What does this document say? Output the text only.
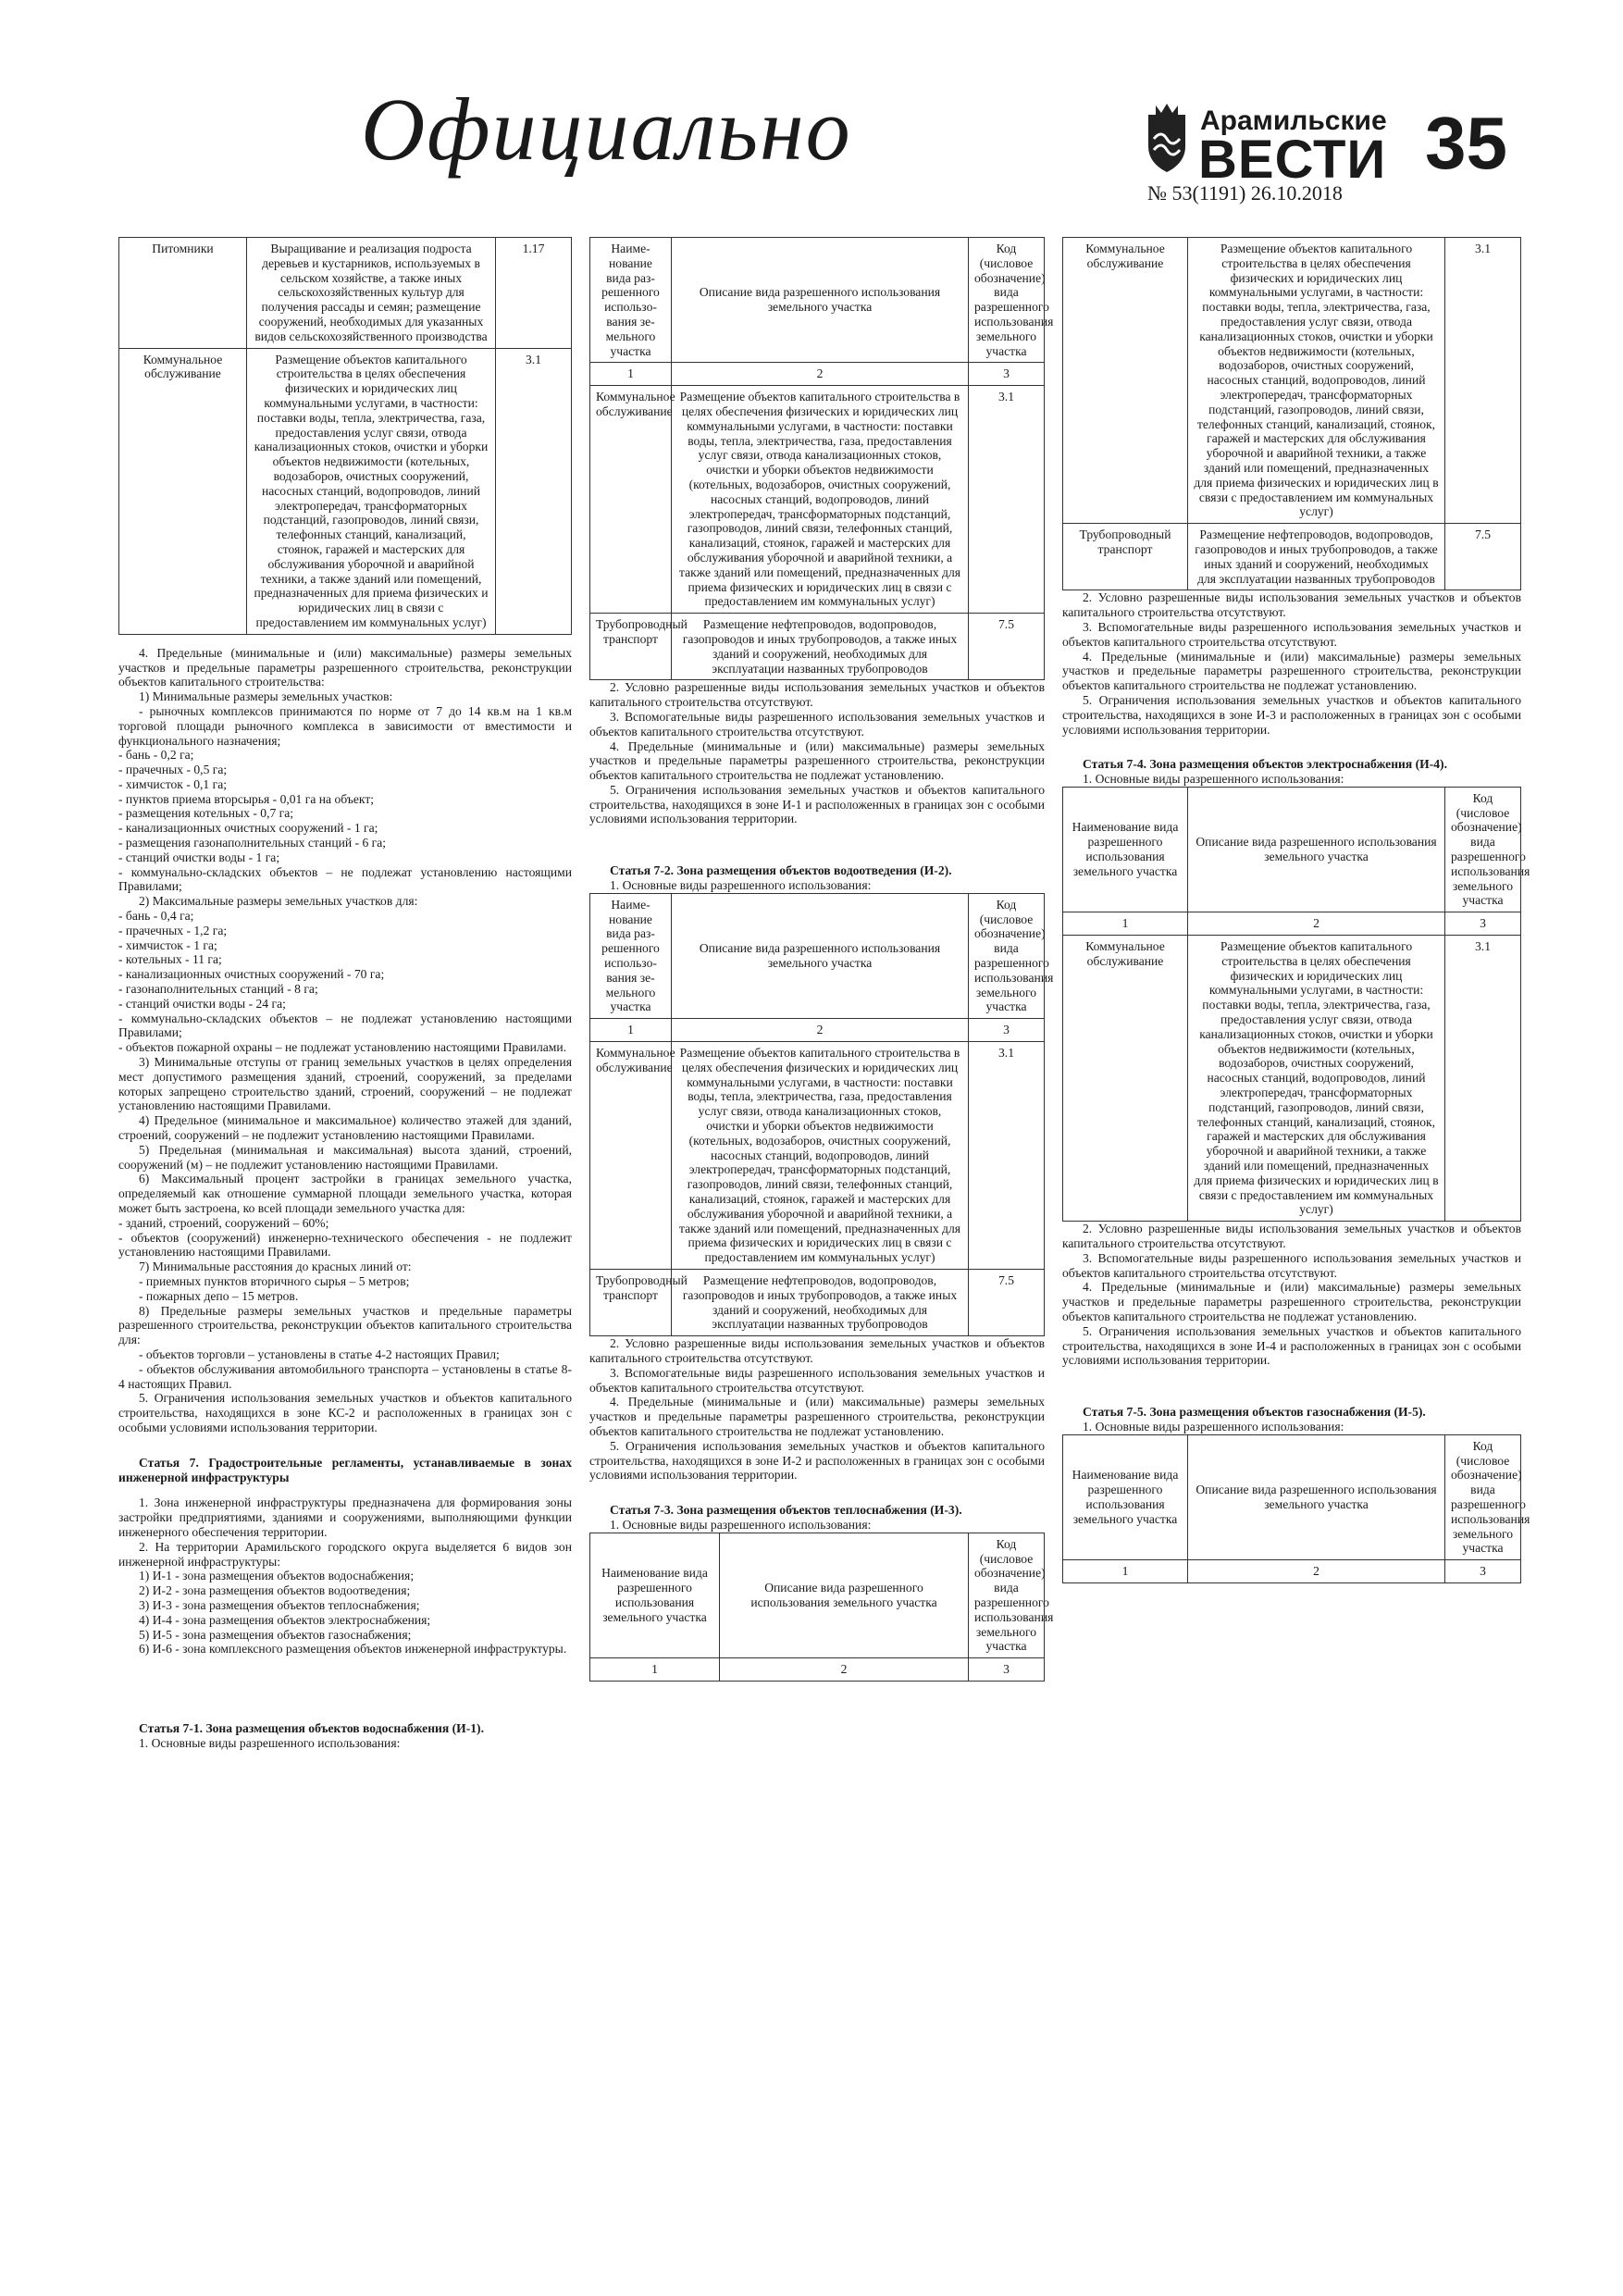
Официально	Арамильские
ВЕСТИ
№ 53(1191) 26.10.2018
35
Питомники	Выращивание и реализация подроста деревьев и кустарников, используемых в сельском хозяйстве, а также иных сельскохозяйственных культур для получения рассады и семян; размещение сооружений, необходимых для указанных видов сельскохозяйственного производства	1.17
Коммунальное обслуживание	Размещение объектов капитального строительства в целях обеспечения физических и юридических лиц коммунальными услугами, в частности: поставки воды, тепла, электричества, газа, предоставления услуг связи, отвода канализационных стоков, очистки и уборки объектов недвижимости (котельных, водозаборов, очистных сооружений, насосных станций, водопроводов, линий электропередач, трансформаторных подстанций, газопроводов, линий связи, телефонных станций, канализаций, стоянок, гаражей и мастерских для обслуживания уборочной и аварийной техники, а также зданий или помещений, предназначенных для приема физических и юридических лиц в связи с предоставлением им коммунальных услуг)	3.1

4. Предельные (минимальные и (или) максимальные) размеры земельных участков и предельные параметры разрешенного строительства, реконструкции объектов капитального строительства:

1) Минимальные размеры земельных участков:

- рыночных комплексов принимаются по норме от 7 до 14 кв.м на 1 кв.м торговой площади рыночного комплекса в зависимости от вместимости и функционального назначения;

- бань - 0,2 га;

- прачечных - 0,5 га;

- химчисток - 0,1 га;

- пунктов приема вторсырья - 0,01 га на объект;

- размещения котельных - 0,7 га;

- канализационных очистных сооружений - 1 га;

- размещения газонаполнительных станций - 6 га;

- станций очистки воды - 1 га;

- коммунально-складских объектов – не подлежат установлению настоящими Правилами;

2) Максимальные размеры земельных участков для:

- бань - 0,4 га;

- прачечных - 1,2 га;

- химчисток - 1 га;

- котельных - 11 га;

- канализационных очистных сооружений - 70 га;

- газонаполнительных станций - 8 га;

- станций очистки воды - 24 га;

- коммунально-складских объектов – не подлежат установлению настоящими Правилами;

- объектов пожарной охраны – не подлежат установлению настоящими Правилами.

3) Минимальные отступы от границ земельных участков в целях определения мест допустимого размещения зданий, строений, сооружений, за пределами которых запрещено строительство зданий, строений, сооружений – не подлежат установлению настоящими Правилами.

4) Предельное (минимальное и максимальное) количество этажей для зданий, строений, сооружений – не подлежит установлению настоящими Правилами.

5) Предельная (минимальная и максимальная) высота зданий, строений, сооружений (м) – не подлежит установлению настоящими Правилами.

6) Максимальный процент застройки в границах земельного участка, определяемый как отношение суммарной площади земельного участка, которая может быть застроена, ко всей площади земельного участка для:

- зданий, строений, сооружений – 60%;

- объектов (сооружений) инженерно-технического обеспечения - не подлежит установлению настоящими Правилами.

7) Минимальные расстояния до красных линий от:

- приемных пунктов вторичного сырья – 5 метров;

- пожарных депо – 15 метров.

8) Предельные размеры земельных участков и предельные параметры разрешенного строительства, реконструкции объектов капитального строительства для:

- объектов торговли – установлены в статье 4-2 настоящих Правил;

- объектов обслуживания автомобильного транспорта – установлены в статье 8-4 настоящих Правил.

5. Ограничения использования земельных участков и объектов капитального строительства, находящихся в зоне КС-2 и расположенных в границах зон с особыми условиями использования территории.

Статья 7. Градостроительные регламенты, устанавливаемые в зонах инженерной инфраструктуры

1. Зона инженерной инфраструктуры предназначена для формирования зоны застройки предприятиями, зданиями и сооружениями, выполняющими функции инженерного обеспечения территории.

2. На территории Арамильского городского округа выделяется 6 видов зон инженерной инфраструктуры:

1) И-1 - зона размещения объектов водоснабжения;

2) И-2 - зона размещения объектов водоотведения;

3) И-3 - зона размещения объектов теплоснабжения;

4) И-4 - зона размещения объектов электроснабжения;

5) И-5 - зона размещения объектов газоснабжения;

6) И-6 - зона комплексного размещения объектов инженерной инфраструктуры.

Статья 7-1. Зона размещения объектов водоснабжения (И-1).

1. Основные виды разрешенного использования:

Наиме-нование вида раз-решенного использо-вания зе-мельного участка	Описание вида разрешенного использования земельного участка	Код (числовое обозначение) вида разрешенного использования земельного участка
1	2	3
Коммунальное обслуживание	Размещение объектов капитального строительства в целях обеспечения физических и юридических лиц коммунальными услугами, в частности: поставки воды, тепла, электричества, газа, предоставления услуг связи, отвода канализационных стоков, очистки и уборки объектов недвижимости (котельных, водозаборов, очистных сооружений, насосных станций, водопроводов, линий электропередач, трансформаторных подстанций, газопроводов, линий связи, телефонных станций, канализаций, стоянок, гаражей и мастерских для обслуживания уборочной и аварийной техники, а также зданий или помещений, предназначенных для приема физических и юридических лиц в связи с предоставлением им коммунальных услуг)	3.1
Трубопроводный транспорт	Размещение нефтепроводов, водопроводов, газопроводов и иных трубопроводов, а также иных зданий и сооружений, необходимых для эксплуатации названных трубопроводов	7.5

2. Условно разрешенные виды использования земельных участков и объектов капитального строительства отсутствуют.

3. Вспомогательные виды разрешенного использования земельных участков и объектов капитального строительства отсутствуют.

4. Предельные (минимальные и (или) максимальные) размеры земельных участков и предельные параметры разрешенного строительства, реконструкции объектов капитального строительства не подлежат установлению.

5. Ограничения использования земельных участков и объектов капитального строительства, находящихся в зоне И-1 и расположенных в границах зон с особыми условиями использования территории.

Статья 7-2. Зона размещения объектов водоотведения (И-2).

1. Основные виды разрешенного использования:

Наиме-нование вида раз-решенного использо-вания зе-мельного участка	Описание вида разрешенного использования земельного участка	Код (числовое обозначение) вида разрешенного использования земельного участка
1	2	3
Коммунальное обслуживание	Размещение объектов капитального строительства в целях обеспечения физических и юридических лиц коммунальными услугами, в частности: поставки воды, тепла, электричества, газа, предоставления услуг связи, отвода канализационных стоков, очистки и уборки объектов недвижимости (котельных, водозаборов, очистных сооружений, насосных станций, водопроводов, линий электропередач, трансформаторных подстанций, газопроводов, линий связи, телефонных станций, канализаций, стоянок, гаражей и мастерских для обслуживания уборочной и аварийной техники, а также зданий или помещений, предназначенных для приема физических и юридических лиц в связи с предоставлением им коммунальных услуг)	3.1
Трубопроводный транспорт	Размещение нефтепроводов, водопроводов, газопроводов и иных трубопроводов, а также иных зданий и сооружений, необходимых для эксплуатации названных трубопроводов	7.5

2. Условно разрешенные виды использования земельных участков и объектов капитального строительства отсутствуют.

3. Вспомогательные виды разрешенного использования земельных участков и объектов капитального строительства отсутствуют.

4. Предельные (минимальные и (или) максимальные) размеры земельных участков и предельные параметры разрешенного строительства, реконструкции объектов капитального строительства не подлежат установлению.

5. Ограничения использования земельных участков и объектов капитального строительства, находящихся в зоне И-2 и расположенных в границах зон с особыми условиями использования территории.

Статья 7-3. Зона размещения объектов теплоснабжения (И-3).

1. Основные виды разрешенного использования:

Наименование вида разрешенного использования земельного участка	Описание вида разрешенного использования земельного участка	Код (числовое обозначение) вида разрешенного использования земельного участка
1	2	3
Коммунальное обслуживание	Размещение объектов капитального строительства в целях обеспечения физических и юридических лиц коммунальными услугами, в частности: поставки воды, тепла, электричества, газа, предоставления услуг связи, отвода канализационных стоков, очистки и уборки объектов недвижимости (котельных, водозаборов, очистных сооружений, насосных станций, водопроводов, линий электропередач, трансформаторных подстанций, газопроводов, линий связи, телефонных станций, канализаций, стоянок, гаражей и мастерских для обслуживания уборочной и аварийной техники, а также зданий или помещений, предназначенных для приема физических и юридических лиц в связи с предоставлением им коммунальных услуг)	3.1
Трубопроводный транспорт	Размещение нефтепроводов, водопроводов, газопроводов и иных трубопроводов, а также иных зданий и сооружений, необходимых для эксплуатации названных трубопроводов	7.5

2. Условно разрешенные виды использования земельных участков и объектов капитального строительства отсутствуют.

3. Вспомогательные виды разрешенного использования земельных участков и объектов капитального строительства отсутствуют.

4. Предельные (минимальные и (или) максимальные) размеры земельных участков и предельные параметры разрешенного строительства, реконструкции объектов капитального строительства не подлежат установлению.

5. Ограничения использования земельных участков и объектов капитального строительства, находящихся в зоне И-3 и расположенных в границах зон с особыми условиями использования территории.

Статья 7-4. Зона размещения объектов электроснабжения (И-4).

1. Основные виды разрешенного использования:

Наименование вида разрешенного использования земельного участка	Описание вида разрешенного использования земельного участка	Код (числовое обозначение) вида разрешенного использования земельного участка
1	2	3
Коммунальное обслуживание	Размещение объектов капитального строительства в целях обеспечения физических и юридических лиц коммунальными услугами, в частности: поставки воды, тепла, электричества, газа, предоставления услуг связи, отвода канализационных стоков, очистки и уборки объектов недвижимости (котельных, водозаборов, очистных сооружений, насосных станций, водопроводов, линий электропередач, трансформаторных подстанций, газопроводов, линий связи, телефонных станций, канализаций, стоянок, гаражей и мастерских для обслуживания уборочной и аварийной техники, а также зданий или помещений, предназначенных для приема физических и юридических лиц в связи с предоставлением им коммунальных услуг)	3.1

2. Условно разрешенные виды использования земельных участков и объектов капитального строительства отсутствуют.

3. Вспомогательные виды разрешенного использования земельных участков и объектов капитального строительства отсутствуют.

4. Предельные (минимальные и (или) максимальные) размеры земельных участков и предельные параметры разрешенного строительства, реконструкции объектов капитального строительства не подлежат установлению.

5. Ограничения использования земельных участков и объектов капитального строительства, находящихся в зоне И-4 и расположенных в границах зон с особыми условиями использования территории.

Статья 7-5. Зона размещения объектов газоснабжения (И-5).

1. Основные виды разрешенного использования:

Наименование вида разрешенного использования земельного участка	Описание вида разрешенного использования земельного участка	Код (числовое обозначение) вида разрешенного использования земельного участка
1	2	3
